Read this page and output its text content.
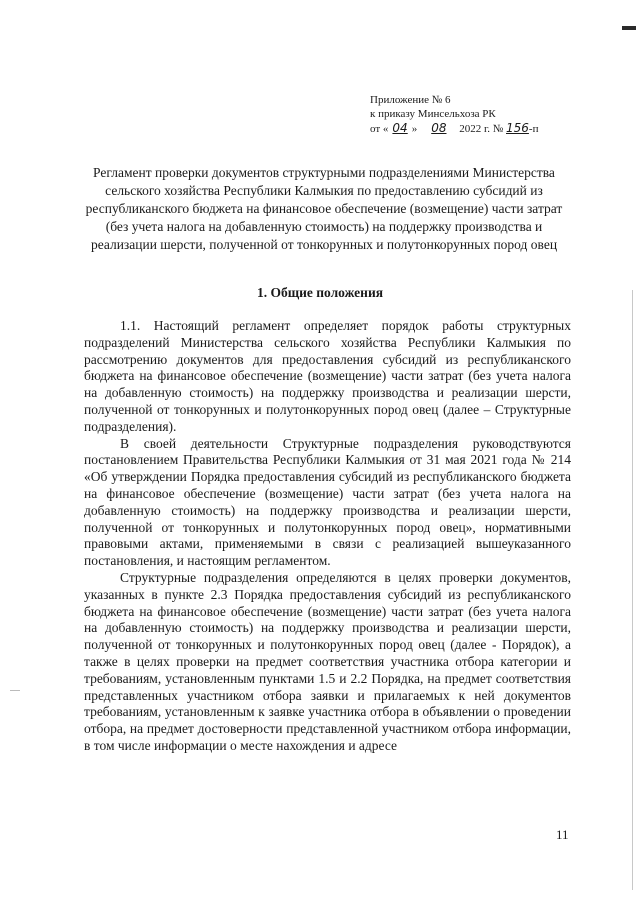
Приложение № 6
к приказу Минсельхоза РК
от « 04 » 08 2022 г. № 156-п
Регламент проверки документов структурными подразделениями Министерства сельского хозяйства Республики Калмыкия по предоставлению субсидий из республиканского бюджета на финансовое обеспечение (возмещение) части затрат (без учета налога на добавленную стоимость) на поддержку производства и реализации шерсти, полученной от тонкорунных и полутонкорунных пород овец
1. Общие положения

1.1. Настоящий регламент определяет порядок работы структурных подразделений Министерства сельского хозяйства Республики Калмыкия по рассмотрению документов для предоставления субсидий из республиканского бюджета на финансовое обеспечение (возмещение) части затрат (без учета налога на добавленную стоимость) на поддержку производства и реализации шерсти, полученной от тонкорунных и полутонкорунных пород овец (далее – Структурные подразделения).

В своей деятельности Структурные подразделения руководствуются постановлением Правительства Республики Калмыкия от 31 мая 2021 года № 214 «Об утверждении Порядка предоставления субсидий из республиканского бюджета на финансовое обеспечение (возмещение) части затрат (без учета налога на добавленную стоимость) на поддержку производства и реализации шерсти, полученной от тонкорунных и полутонкорунных пород овец», нормативными правовыми актами, применяемыми в связи с реализацией вышеуказанного постановления, и настоящим регламентом.

Структурные подразделения определяются в целях проверки документов, указанных в пункте 2.3 Порядка предоставления субсидий из республиканского бюджета на финансовое обеспечение (возмещение) части затрат (без учета налога на добавленную стоимость) на поддержку производства и реализации шерсти, полученной от тонкорунных и полутонкорунных пород овец (далее - Порядок), а также в целях проверки на предмет соответствия участника отбора категории и требованиям, установленным пунктами 1.5 и 2.2 Порядка, на предмет соответствия представленных участником отбора заявки и прилагаемых к ней документов требованиям, установленным к заявке участника отбора в объявлении о проведении отбора, на предмет достоверности представленной участником отбора информации, в том числе информации о месте нахождения и адресе

11
